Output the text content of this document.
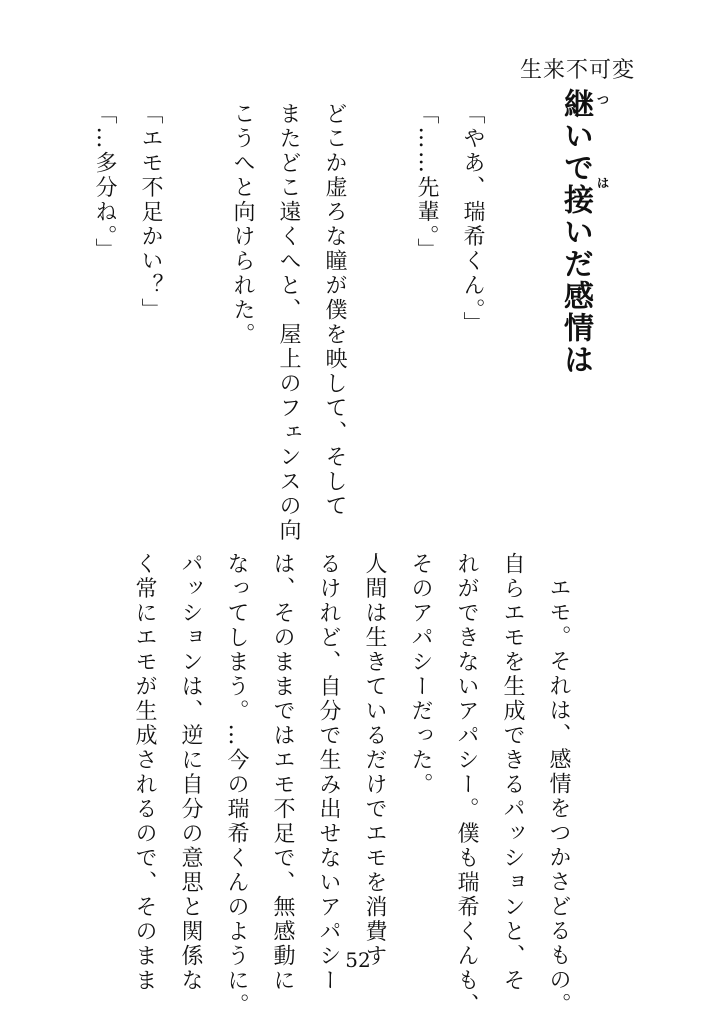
生来不可変
継いで接いだ感情は つ
は
「やあ、瑞希くん。」
「……先輩。」
どこか虚ろな瞳が僕を映して、そして
またどこ遠くへと、屋上のフェンスの向
こうへと向けられた。
「エモ不足かい？」
「…多分ね。」
エモ。それは、感情をつかさどるもの。
自らエモを生成できるパッションと、そ
れができないアパシー。僕も瑞希くんも、
そのアパシーだった。
人間は生きているだけでエモを消費す
るけれど、自分で生み出せないアパシー
は、そのままではエモ不足で、無感動に
なってしまう。…今の瑞希くんのように。
パッションは、逆に自分の意思と関係な
く常にエモが生成されるので、そのまま	52
